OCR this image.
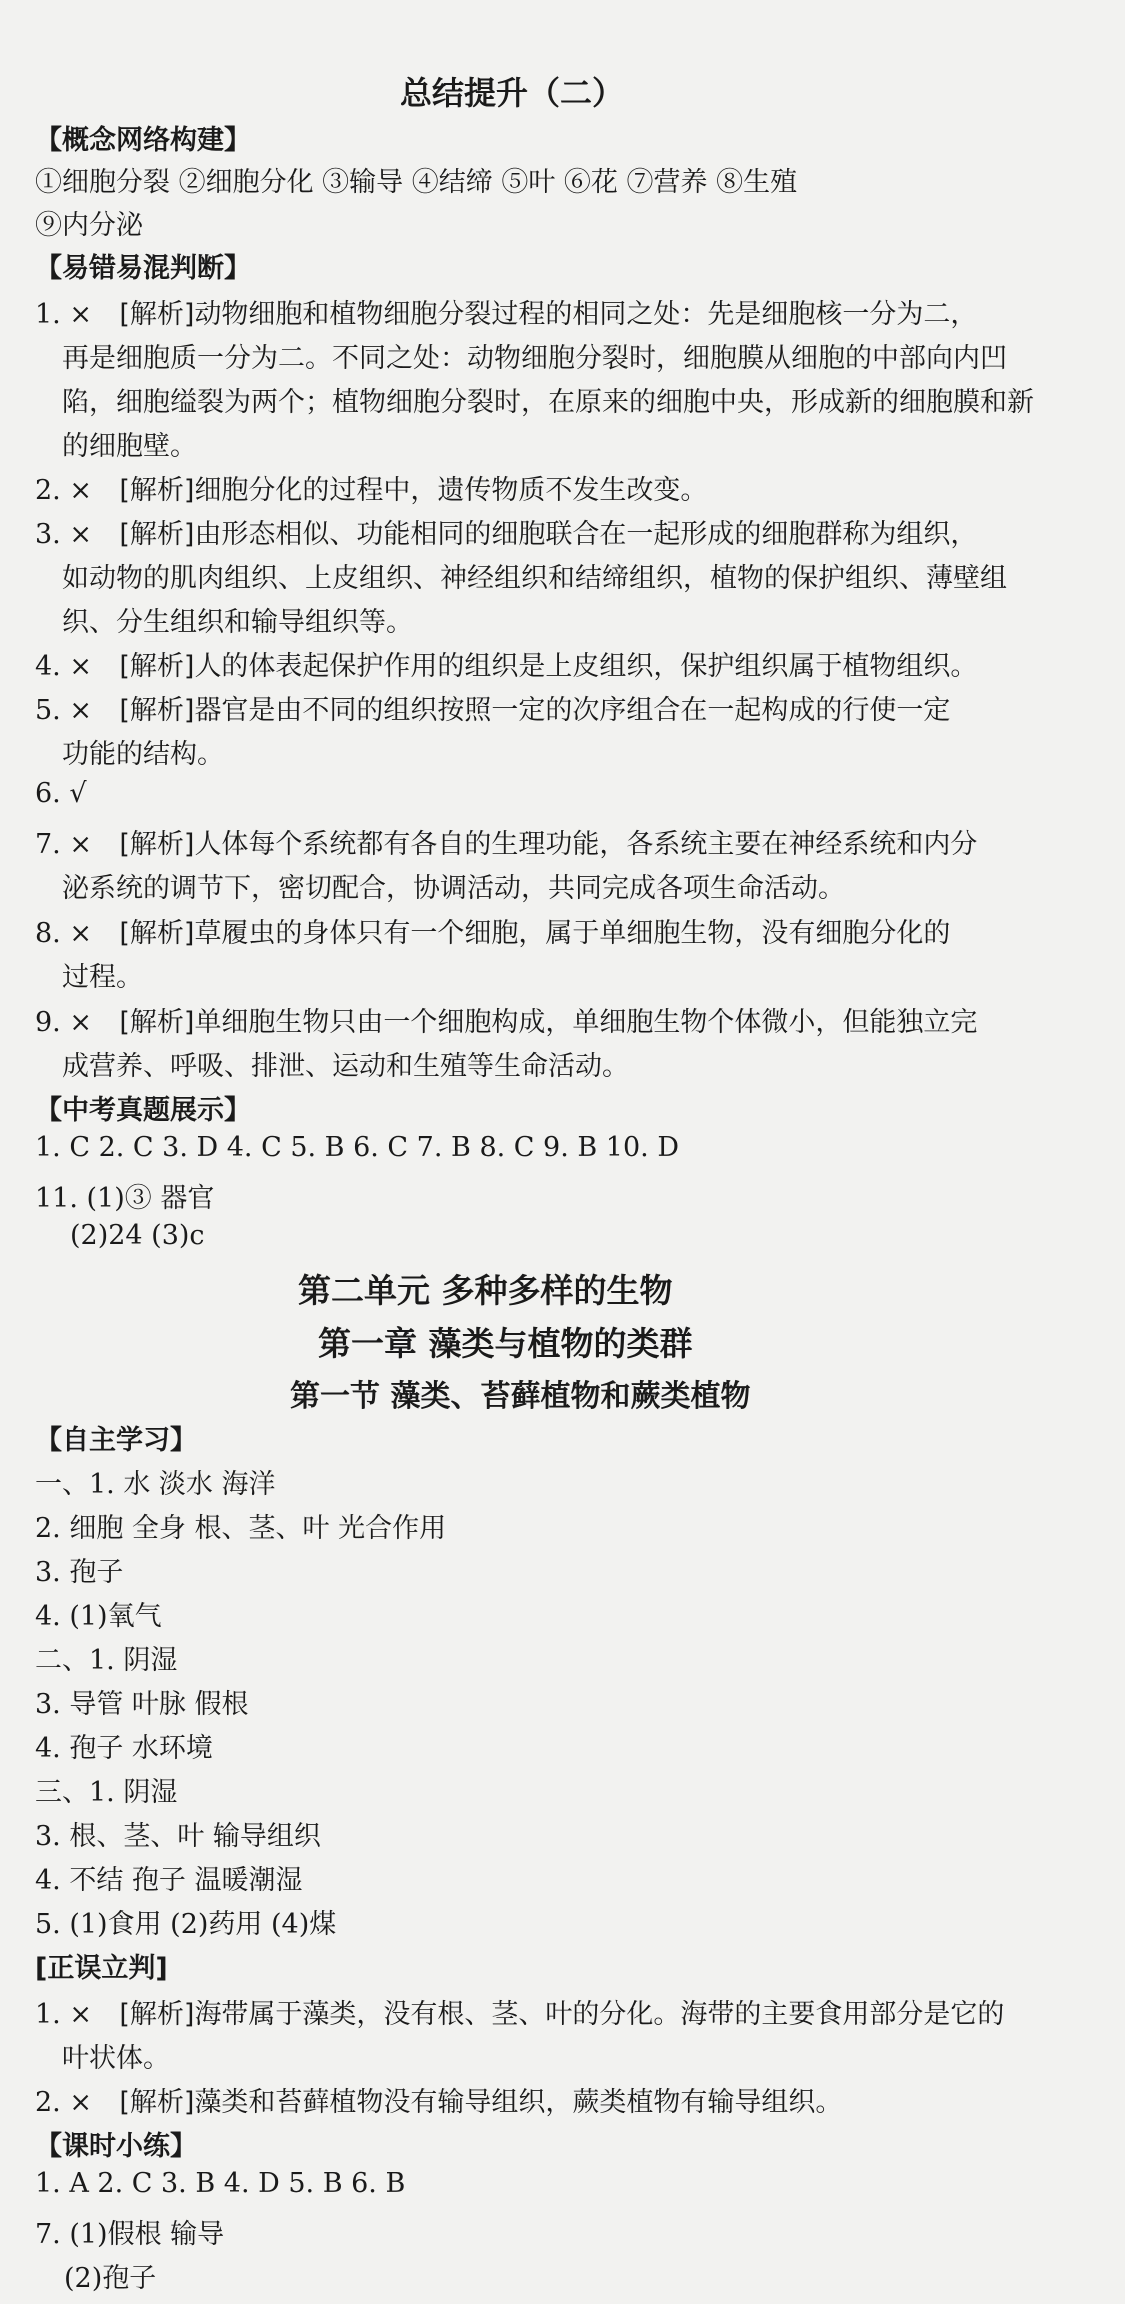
总结提升（二）
【概念网络构建】
①细胞分裂 ②细胞分化 ③输导 ④结缔 ⑤叶 ⑥花 ⑦营养 ⑧生殖
⑨内分泌
【易错易混判断】
1. × [解析]动物细胞和植物细胞分裂过程的相同之处：先是细胞核一分为二，
再是细胞质一分为二。不同之处：动物细胞分裂时，细胞膜从细胞的中部向内凹
陷，细胞缢裂为两个；植物细胞分裂时，在原来的细胞中央，形成新的细胞膜和新
的细胞壁。
2. × [解析]细胞分化的过程中，遗传物质不发生改变。
3. × [解析]由形态相似、功能相同的细胞联合在一起形成的细胞群称为组织，
如动物的肌肉组织、上皮组织、神经组织和结缔组织，植物的保护组织、薄壁组
织、分生组织和输导组织等。
4. × [解析]人的体表起保护作用的组织是上皮组织，保护组织属于植物组织。
5. × [解析]器官是由不同的组织按照一定的次序组合在一起构成的行使一定
功能的结构。
6. √
7. × [解析]人体每个系统都有各自的生理功能，各系统主要在神经系统和内分
泌系统的调节下，密切配合，协调活动，共同完成各项生命活动。
8. × [解析]草履虫的身体只有一个细胞，属于单细胞生物，没有细胞分化的
过程。
9. × [解析]单细胞生物只由一个细胞构成，单细胞生物个体微小，但能独立完
成营养、呼吸、排泄、运动和生殖等生命活动。
【中考真题展示】
1. C 2. C 3. D 4. C 5. B 6. C 7. B 8. C 9. B 10. D
11. (1)③ 器官
(2)24 (3)c
第二单元 多种多样的生物
第一章 藻类与植物的类群
第一节 藻类、苔藓植物和蕨类植物
【自主学习】
一、1. 水 淡水 海洋
2. 细胞 全身 根、茎、叶 光合作用
3. 孢子
4. (1)氧气
二、1. 阴湿
3. 导管 叶脉 假根
4. 孢子 水环境
三、1. 阴湿
3. 根、茎、叶 输导组织
4. 不结 孢子 温暖潮湿
5. (1)食用 (2)药用 (4)煤
[正误立判]
1. × [解析]海带属于藻类，没有根、茎、叶的分化。海带的主要食用部分是它的
叶状体。
2. × [解析]藻类和苔藓植物没有输导组织，蕨类植物有输导组织。
【课时小练】
1. A 2. C 3. B 4. D 5. B 6. B
7. (1)假根 输导
(2)孢子
